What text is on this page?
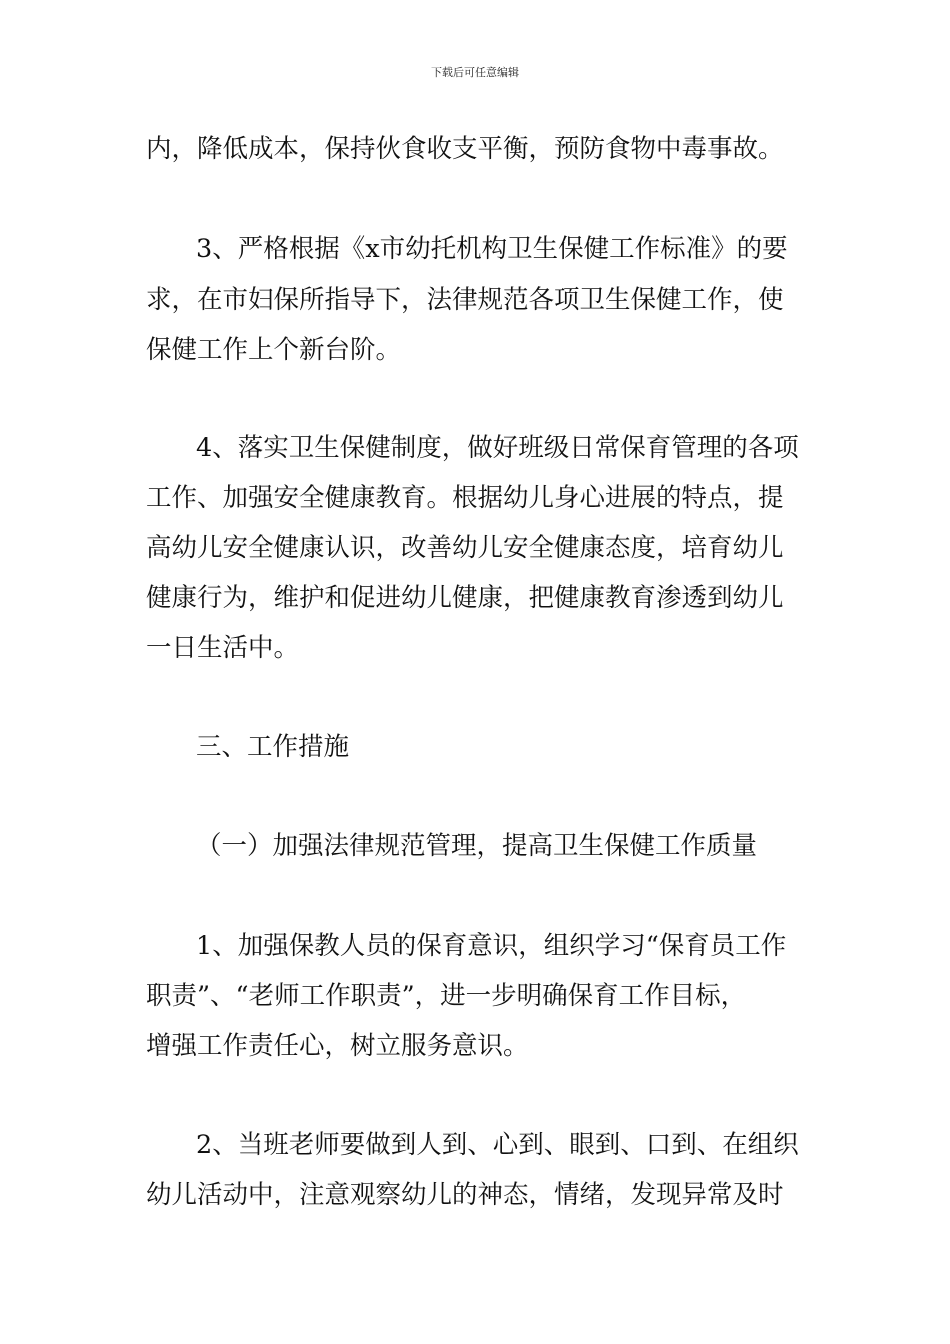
下载后可任意编辑
内，降低成本，保持伙食收支平衡，预防食物中毒事故。
3、严格根据《x市幼托机构卫生保健工作标准》的要
求，在市妇保所指导下，法律规范各项卫生保健工作，使
保健工作上个新台阶。
4、落实卫生保健制度，做好班级日常保育管理的各项
工作、加强安全健康教育。根据幼儿身心进展的特点，提
高幼儿安全健康认识，改善幼儿安全健康态度，培育幼儿
健康行为，维护和促进幼儿健康，把健康教育渗透到幼儿
一日生活中。
三、工作措施
（一）加强法律规范管理，提高卫生保健工作质量
1、加强保教人员的保育意识，组织学习“保育员工作
职责”、“老师工作职责”，进一步明确保育工作目标，
增强工作责任心，树立服务意识。
2、当班老师要做到人到、心到、眼到、口到、在组织
幼儿活动中，注意观察幼儿的神态，情绪，发现异常及时
